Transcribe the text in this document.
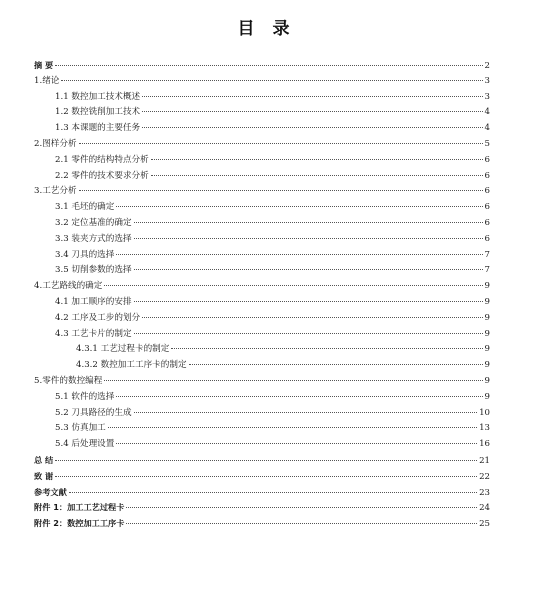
目 录
摘 要	2
1.绪论	3
1.1 数控加工技术概述	3
1.2 数控铣削加工技术	4
1.3 本课题的主要任务	4
2.图样分析	5
2.1 零件的结构特点分析	6
2.2 零件的技术要求分析	6
3.工艺分析	6
3.1 毛坯的确定	6
3.2 定位基准的确定	6
3.3 装夹方式的选择	6
3.4 刀具的选择	7
3.5 切削参数的选择	7
4.工艺路线的确定	9
4.1 加工顺序的安排	9
4.2 工序及工步的划分	9
4.3 工艺卡片的制定	9
4.3.1 工艺过程卡的制定	9
4.3.2 数控加工工序卡的制定	9
5.零件的数控编程	9
5.1 软件的选择	9
5.2 刀具路径的生成	10
5.3 仿真加工	13
5.4 后处理设置	16
总 结	21
致 谢	22
参考文献	23
附件 1：加工工艺过程卡	24
附件 2：数控加工工序卡	25
